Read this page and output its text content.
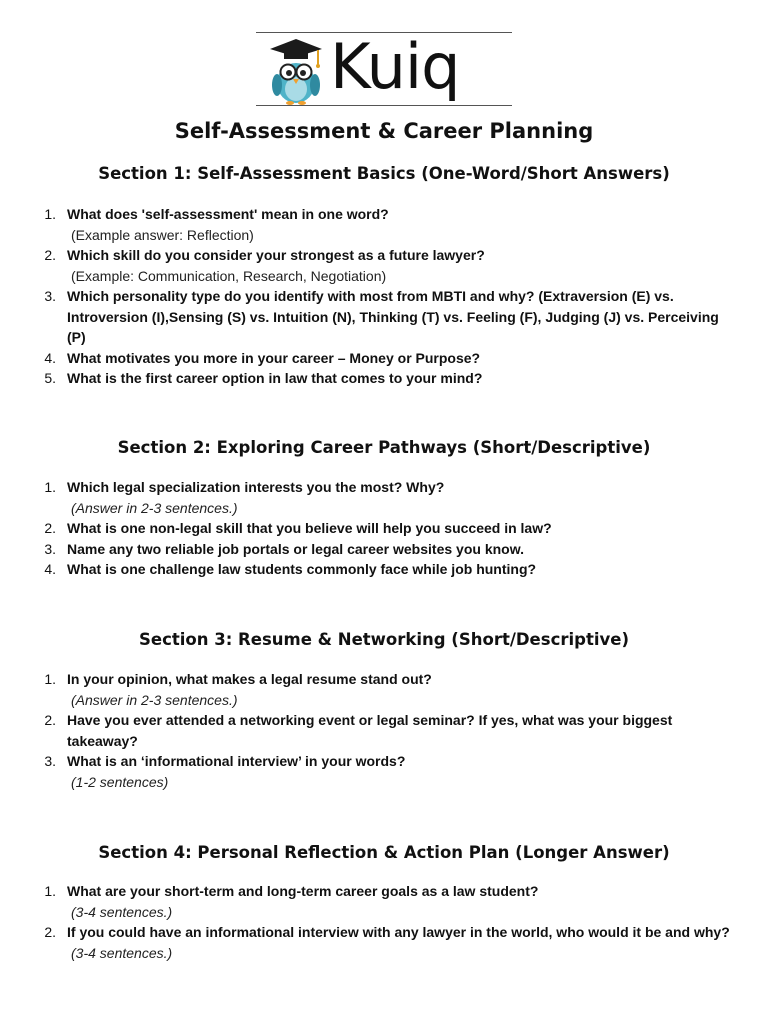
Kuiq
Self-Assessment & Career Planning
Section 1: Self-Assessment Basics (One-Word/Short Answers)
1. What does 'self-assessment' mean in one word?
(Example answer: Reflection)
2. Which skill do you consider your strongest as a future lawyer?
(Example: Communication, Research, Negotiation)
3. Which personality type do you identify with most from MBTI and why? (Extraversion (E) vs. Introversion (I),Sensing (S) vs. Intuition (N), Thinking (T) vs. Feeling (F), Judging (J) vs. Perceiving (P)
4. What motivates you more in your career – Money or Purpose?
5. What is the first career option in law that comes to your mind?
Section 2: Exploring Career Pathways (Short/Descriptive)
1. Which legal specialization interests you the most? Why?
(Answer in 2-3 sentences.)
2. What is one non-legal skill that you believe will help you succeed in law?
3. Name any two reliable job portals or legal career websites you know.
4. What is one challenge law students commonly face while job hunting?
Section 3: Resume & Networking (Short/Descriptive)
1. In your opinion, what makes a legal resume stand out?
(Answer in 2-3 sentences.)
2. Have you ever attended a networking event or legal seminar? If yes, what was your biggest takeaway?
3. What is an ‘informational interview’ in your words?
(1-2 sentences)
Section 4: Personal Reflection & Action Plan (Longer Answer)
1. What are your short-term and long-term career goals as a law student?
(3-4 sentences.)
2. If you could have an informational interview with any lawyer in the world, who would it be and why?
(3-4 sentences.)
